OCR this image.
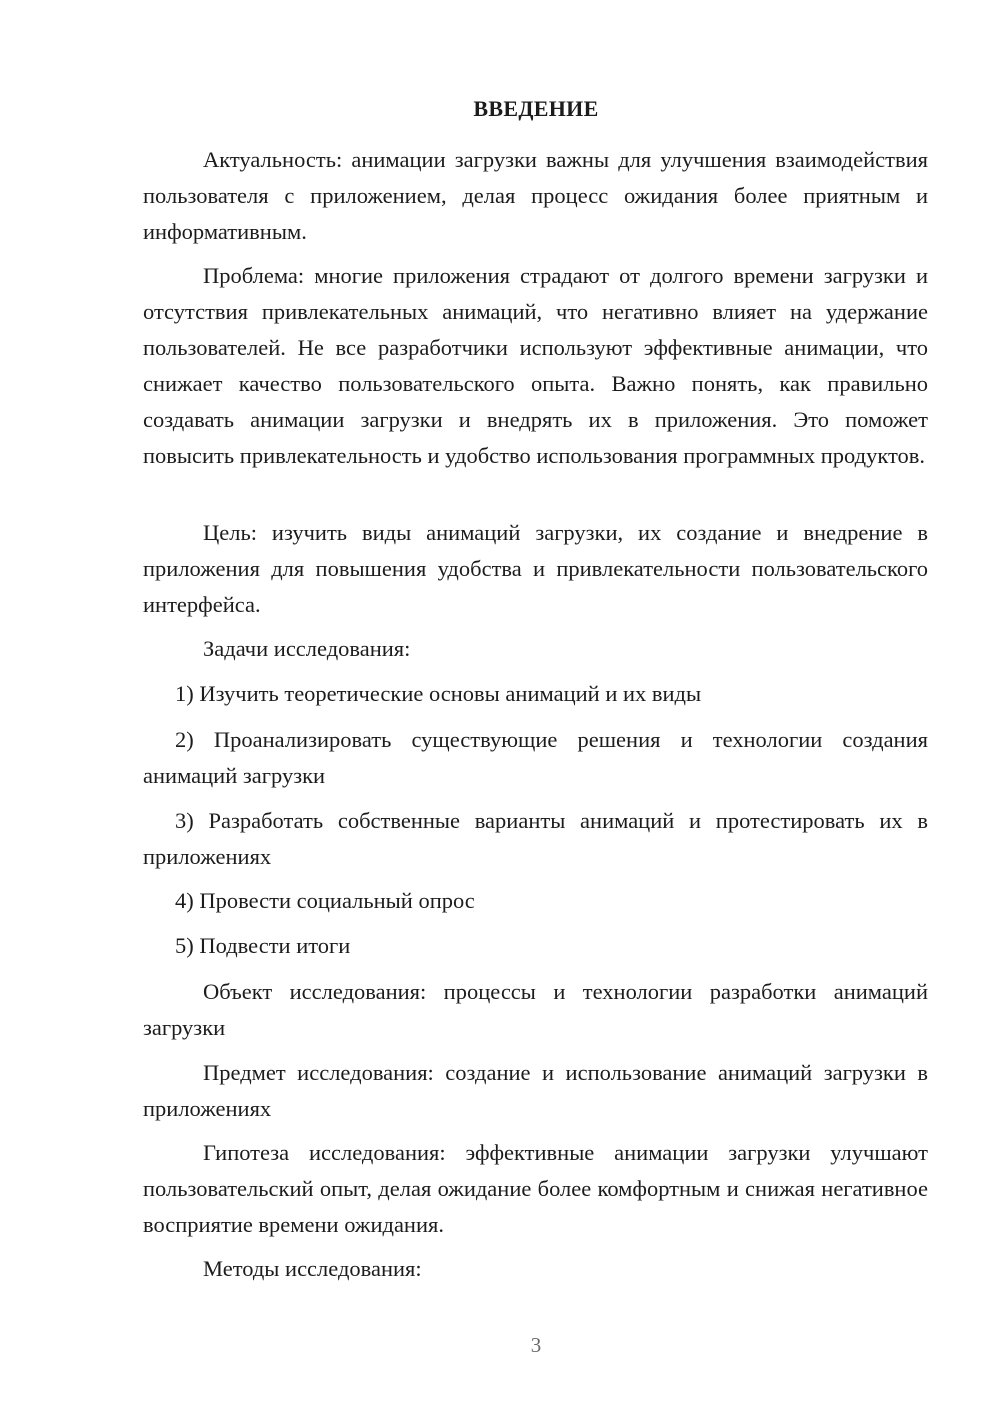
ВВЕДЕНИЕ

Актуальность: анимации загрузки важны для улучшения взаимодействия пользователя с приложением, делая процесс ожидания более приятным и информативным.

Проблема: многие приложения страдают от долгого времени загрузки и отсутствия привлекательных анимаций, что негативно влияет на удержание пользователей. Не все разработчики используют эффективные анимации, что снижает качество пользовательского опыта. Важно понять, как правильно создавать анимации загрузки и внедрять их в приложения. Это поможет повысить привлекательность и удобство использования программных продуктов.

Цель: изучить виды анимаций загрузки, их создание и внедрение в приложения для повышения удобства и привлекательности пользовательского интерфейса.

Задачи исследования:

1) Изучить теоретические основы анимаций и их виды

2) Проанализировать существующие решения и технологии создания анимаций загрузки

3) Разработать собственные варианты анимаций и протестировать их в приложениях

4) Провести социальный опрос

5) Подвести итоги

Объект исследования: процессы и технологии разработки анимаций загрузки

Предмет исследования: создание и использование анимаций загрузки в приложениях

Гипотеза исследования: эффективные анимации загрузки улучшают пользовательский опыт, делая ожидание более комфортным и снижая негативное восприятие времени ожидания.

Методы исследования:

3
